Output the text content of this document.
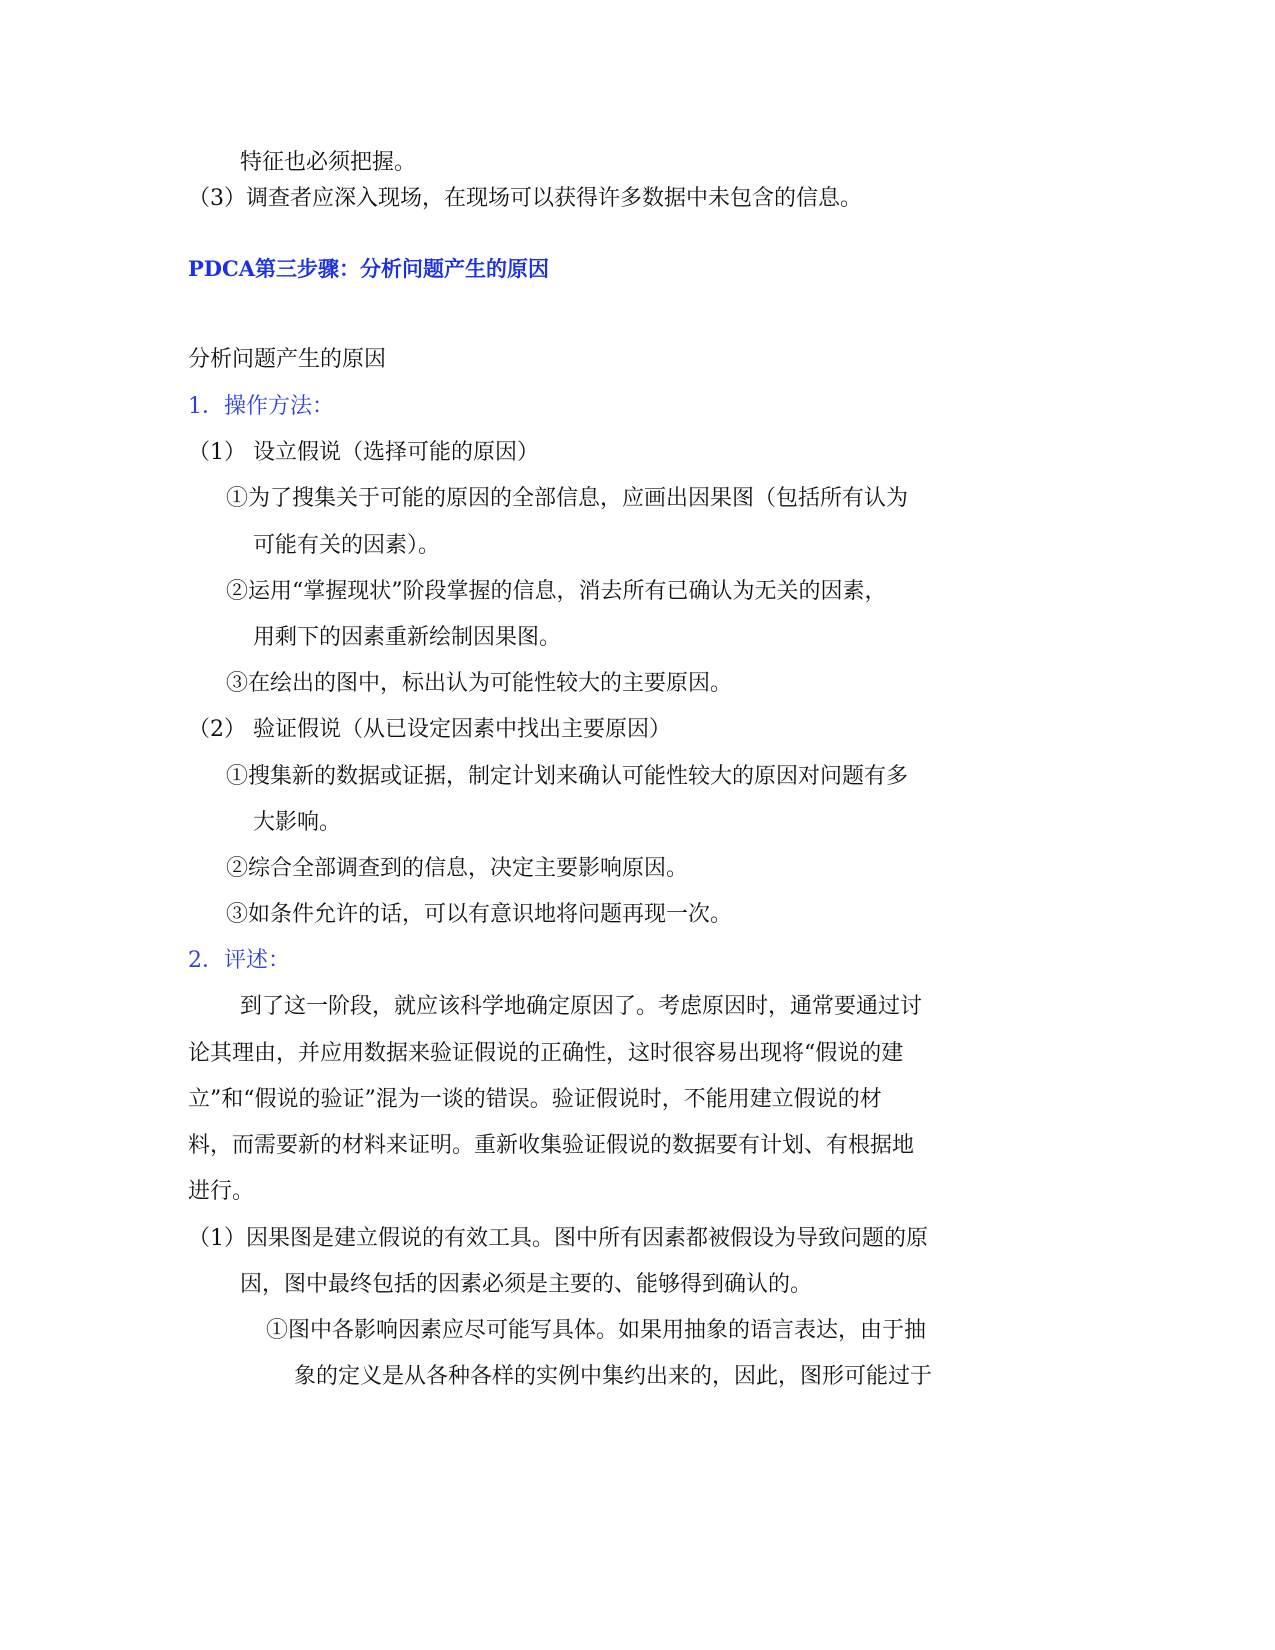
特征也必须把握。
（3）调查者应深入现场，在现场可以获得许多数据中未包含的信息。
PDCA第三步骤：分析问题产生的原因
分析问题产生的原因
1．操作方法：
（1） 设立假说（选择可能的原因）
①为了搜集关于可能的原因的全部信息，应画出因果图（包括所有认为
可能有关的因素）。
②运用“掌握现状”阶段掌握的信息，消去所有已确认为无关的因素，
用剩下的因素重新绘制因果图。
③在绘出的图中，标出认为可能性较大的主要原因。
（2） 验证假说（从已设定因素中找出主要原因）
①搜集新的数据或证据，制定计划来确认可能性较大的原因对问题有多
大影响。
②综合全部调查到的信息，决定主要影响原因。
③如条件允许的话，可以有意识地将问题再现一次。
2．评述：
到了这一阶段，就应该科学地确定原因了。考虑原因时，通常要通过讨
论其理由，并应用数据来验证假说的正确性，这时很容易出现将“假说的建
立”和“假说的验证”混为一谈的错误。验证假说时，不能用建立假说的材
料，而需要新的材料来证明。重新收集验证假说的数据要有计划、有根据地
进行。
（1）因果图是建立假说的有效工具。图中所有因素都被假设为导致问题的原
因，图中最终包括的因素必须是主要的、能够得到确认的。
①图中各影响因素应尽可能写具体。如果用抽象的语言表达，由于抽
象的定义是从各种各样的实例中集约出来的，因此，图形可能过于
